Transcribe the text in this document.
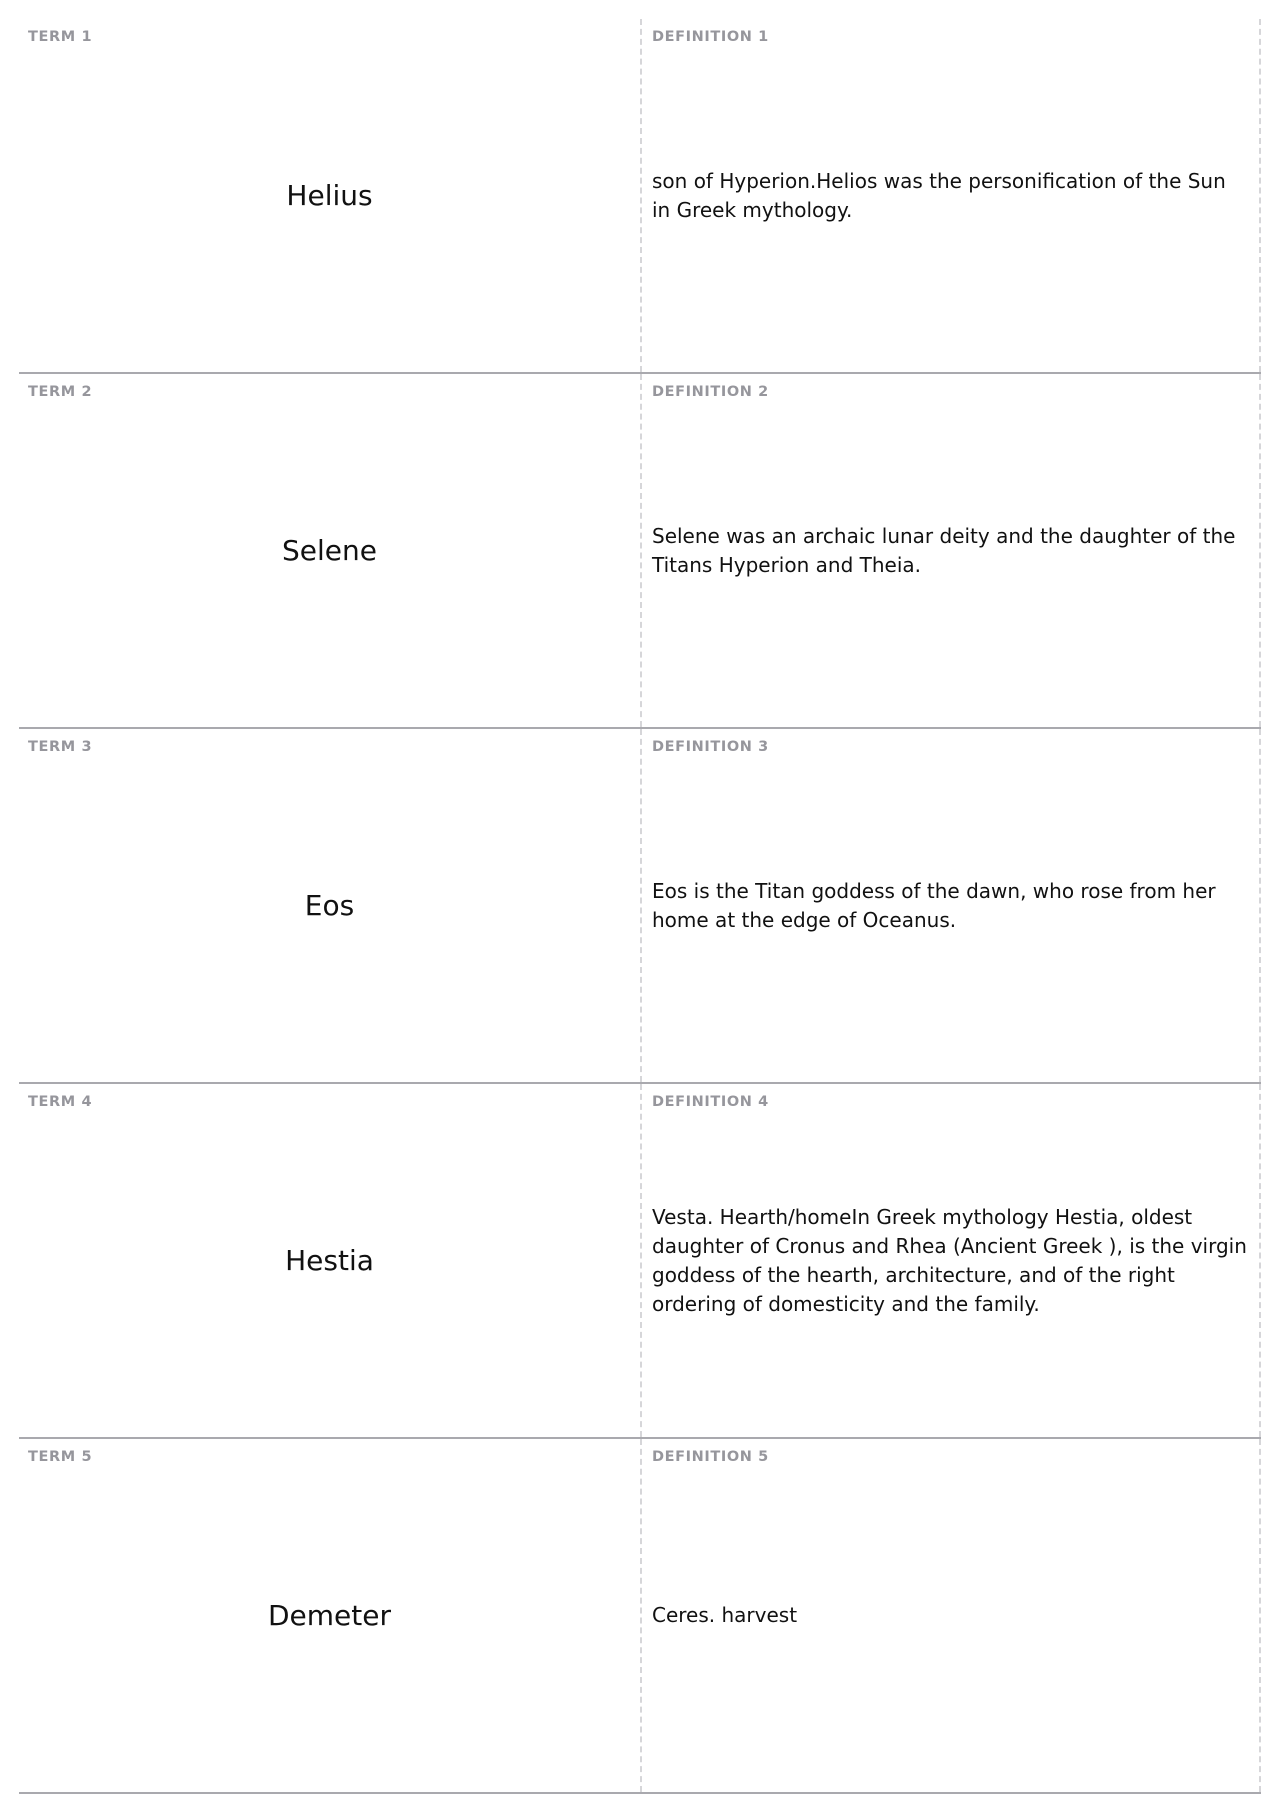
TERM 1
Helius
DEFINITION 1
son of Hyperion.Helios was the personification of the Sun in Greek mythology.
TERM 2
Selene
DEFINITION 2
Selene was an archaic lunar deity and the daughter of the Titans Hyperion and Theia.
TERM 3
Eos
DEFINITION 3
Eos is the Titan goddess of the dawn, who rose from her home at the edge of Oceanus.
TERM 4
Hestia
DEFINITION 4
Vesta. Hearth/homeIn Greek mythology Hestia, oldest daughter of Cronus and Rhea (Ancient Greek ), is the virgin goddess of the hearth, architecture, and of the right ordering of domesticity and the family.
TERM 5
Demeter
DEFINITION 5
Ceres. harvest
